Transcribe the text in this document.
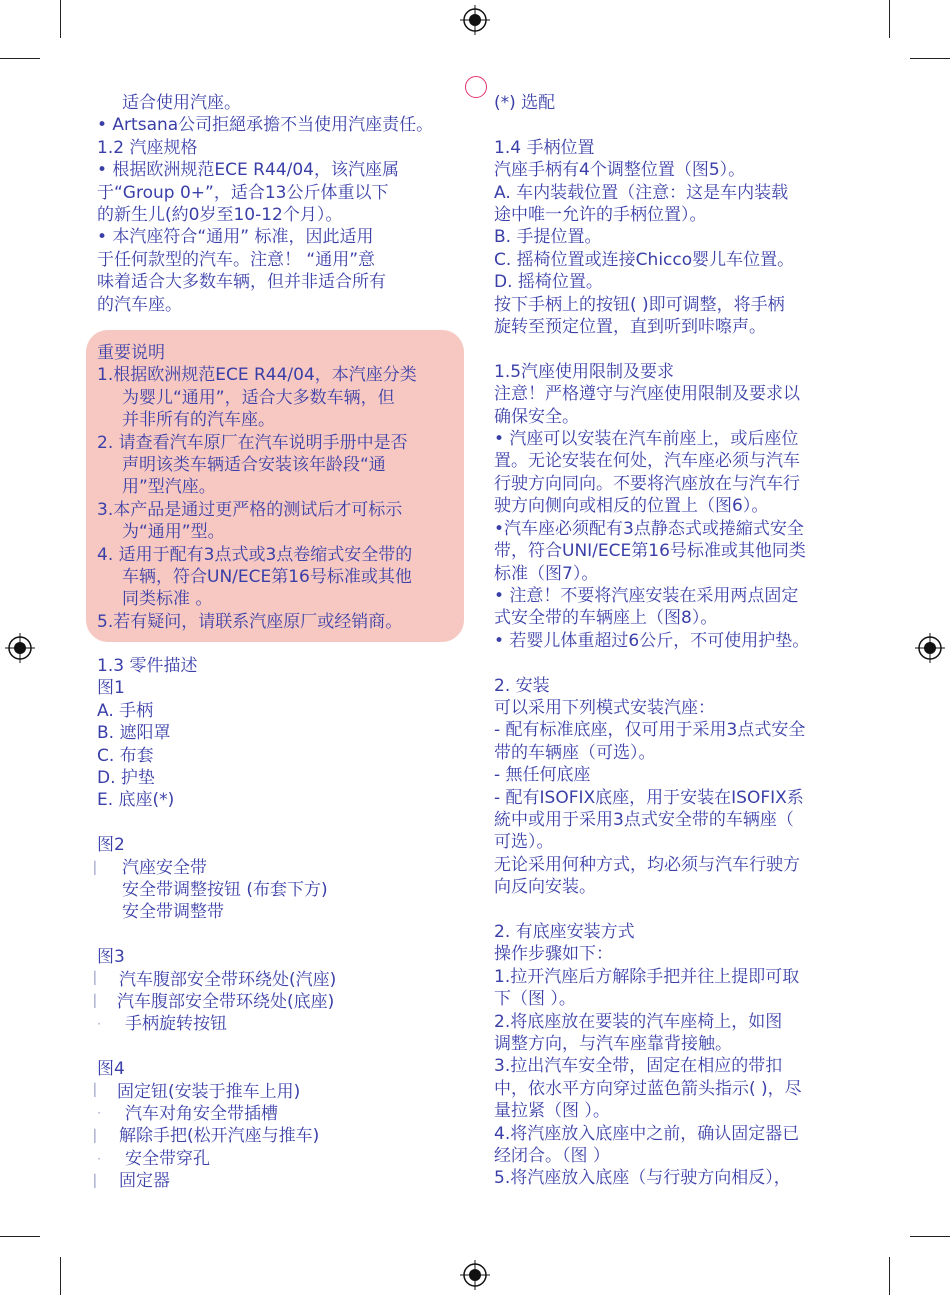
适合使用汽座。
• Artsana公司拒絕承擔不当使用汽座责任。
1.2 汽座规格
• 根据欧洲规范ECE R44/04，该汽座属
于“Group 0+”，适合13公斤体重以下
的新生儿(約0岁至10-12个月）。
• 本汽座符合“通用” 标准，因此适用
于任何款型的汽车。注意！ “通用”意
味着适合大多数车辆，但并非适合所有
的汽车座。
重要说明
1.根据欧洲规范ECE R44/04，本汽座分类
为婴儿“通用”，适合大多数车辆，但
并非所有的汽车座。
2. 请查看汽车原厂在汽车说明手册中是否
声明该类车辆适合安装该年龄段“通
用”型汽座。
3.本产品是通过更严格的测试后才可标示
为“通用”型。
4. 适用于配有3点式或3点卷缩式安全带的
车辆，符合UN/ECE第16号标准或其他
同类标准 。
5.若有疑问，请联系汽座原厂或经销商。
1.3 零件描述
图1
A. 手柄
B. 遮阳罩
C. 布套
D. 护垫
E. 底座(*)
图2
汽座安全带
安全带调整按钮 (布套下方)
安全带调整带
图3
汽车腹部安全带环绕处(汽座)
汽车腹部安全带环绕处(底座)
手柄旋转按钮
图4
固定钮(安装于推车上用)
汽车对角安全带插槽
解除手把(松开汽座与推车)
安全带穿孔
固定器
▏
▏
▏
·
▏
·
▏
·
▏
(*) 选配
1.4 手柄位置
汽座手柄有4个调整位置（图5）。
A. 车内装载位置（注意：这是车内装载
途中唯一允许的手柄位置）。
B. 手提位置。
C. 摇椅位置或连接Chicco婴儿车位置。
D. 摇椅位置。
按下手柄上的按钮( )即可调整，将手柄
旋转至预定位置，直到听到咔嚓声。
1.5汽座使用限制及要求
注意！严格遵守与汽座使用限制及要求以
确保安全。
• 汽座可以安装在汽车前座上，或后座位
置。无论安装在何处，汽车座必须与汽车
行驶方向同向。不要将汽座放在与汽车行
驶方向侧向或相反的位置上（图6）。
•汽车座必须配有3点静态式或捲縮式安全
带，符合UNI/ECE第16号标准或其他同类
标准（图7）。
• 注意！不要将汽座安装在采用两点固定
式安全带的车辆座上（图8）。
• 若婴儿体重超过6公斤，不可使用护垫。
2. 安装
可以采用下列模式安装汽座：
- 配有标准底座，仅可用于采用3点式安全
带的车辆座（可选）。
- 無任何底座
- 配有ISOFIX底座，用于安装在ISOFIX系
統中或用于采用3点式安全带的车辆座（
可选）。
无论采用何种方式，均必须与汽车行驶方
向反向安装。
2. 有底座安装方式
操作步骤如下：
1.拉开汽座后方解除手把并往上提即可取
下（图 ）。
2.将底座放在要装的汽车座椅上，如图
调整方向，与汽车座靠背接触。
3.拉出汽车安全带，固定在相应的带扣
中，依水平方向穿过蓝色箭头指示( )，尽
量拉紧（图 ）。
4.将汽座放入底座中之前，确认固定器已
经闭合。（图 ）
5.将汽座放入底座（与行驶方向相反），
